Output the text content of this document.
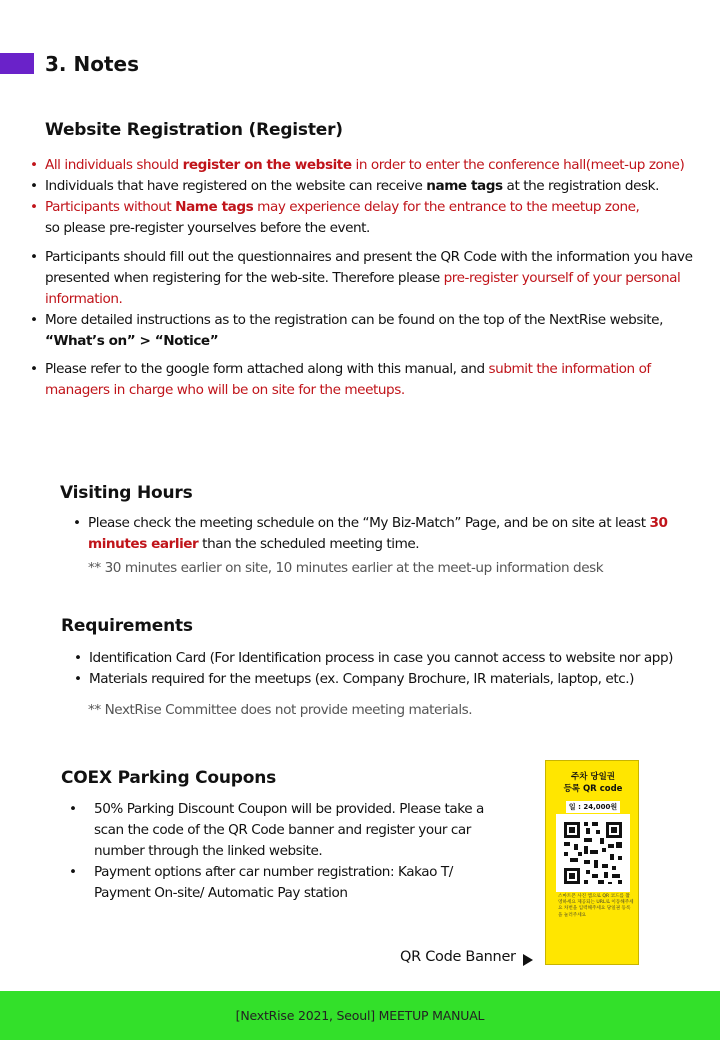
3. Notes
Website Registration (Register)
• All individuals should register on the website in order to enter the conference hall(meet-up zone)
• Individuals that have registered on the website can receive name tags at the registration desk.
• Participants without Name tags may experience delay for the entrance to the meetup zone,
so please pre-register yourselves before the event.
• Participants should fill out the questionnaires and present the QR Code with the information you have presented when registering for the web-site. Therefore please pre-register yourself of your personal information.
• More detailed instructions as to the registration can be found on the top of the NextRise website,
“What’s on” > “Notice”
• Please refer to the google form attached along with this manual, and submit the information of managers in charge who will be on site for the meetups.
Visiting Hours
• Please check the meeting schedule on the “My Biz-Match” Page, and be on site at least 30 minutes earlier than the scheduled meeting time.
** 30 minutes earlier on site, 10 minutes earlier at the meet-up information desk
Requirements
• Identification Card (For Identification process in case you cannot access to website nor app)
• Materials required for the meetups (ex. Company Brochure, IR materials, laptop, etc.)
** NextRise Committee does not provide meeting materials.
COEX Parking Coupons
• 50% Parking Discount Coupon will be provided. Please take a scan the code of the QR Code banner and register your car number through the linked website.
• Payment options after car number registration: Kakao T/ Payment On-site/ Automatic Pay station
주차 당일권
등록 QR code
일 : 24,000원
스마트폰 사진 앱으로 QR 코드를 촬영하세요 제공되는 URL로 이동해주세요 차번을 입력해주세요 당일권 등록을 눌러주세요
QR Code Banner
[NextRise 2021, Seoul] MEETUP MANUAL
